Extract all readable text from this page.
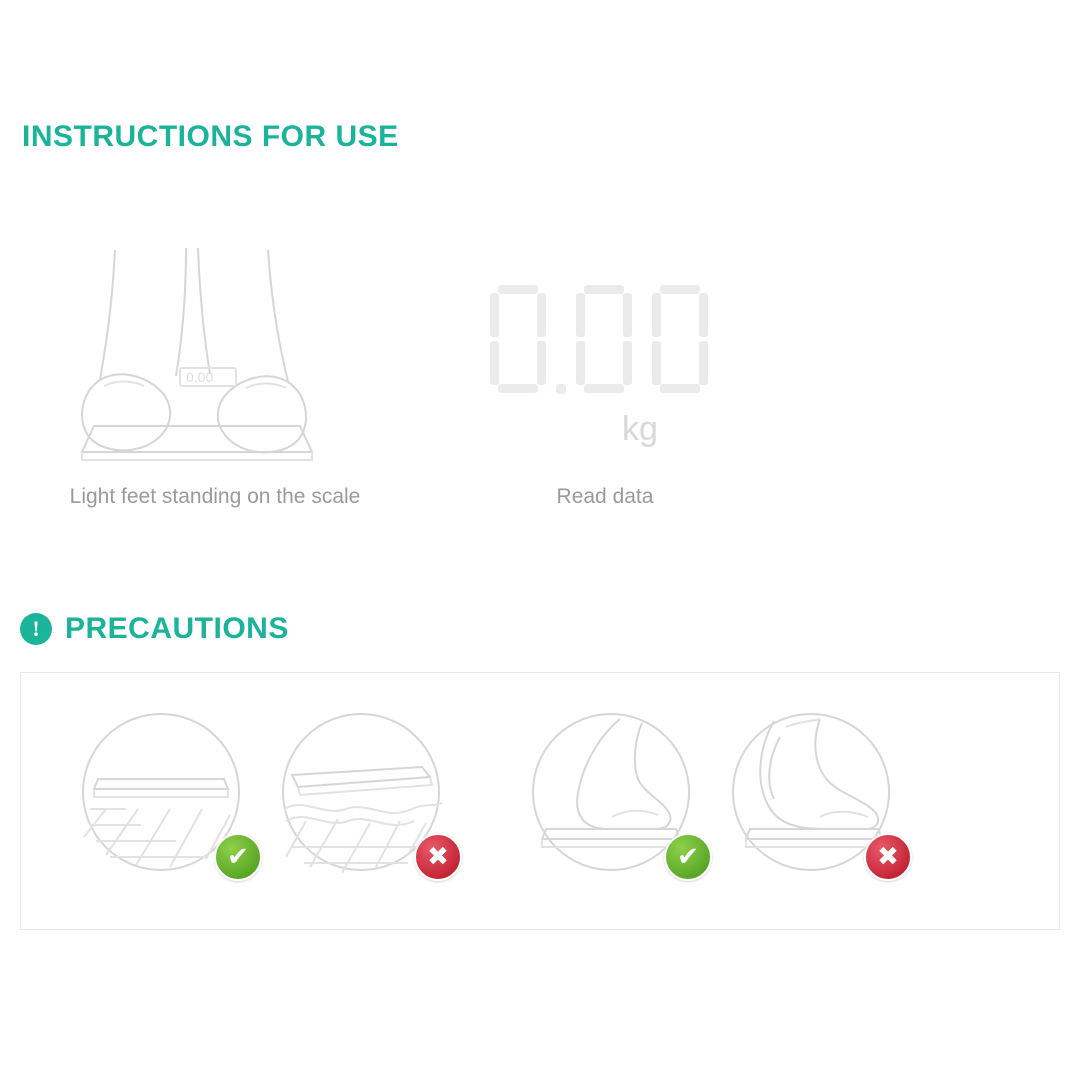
INSTRUCTIONS FOR USE
0.00
Light feet standing on the scale
kg
Read data
! PRECAUTIONS
✔	✖	✔	✖
